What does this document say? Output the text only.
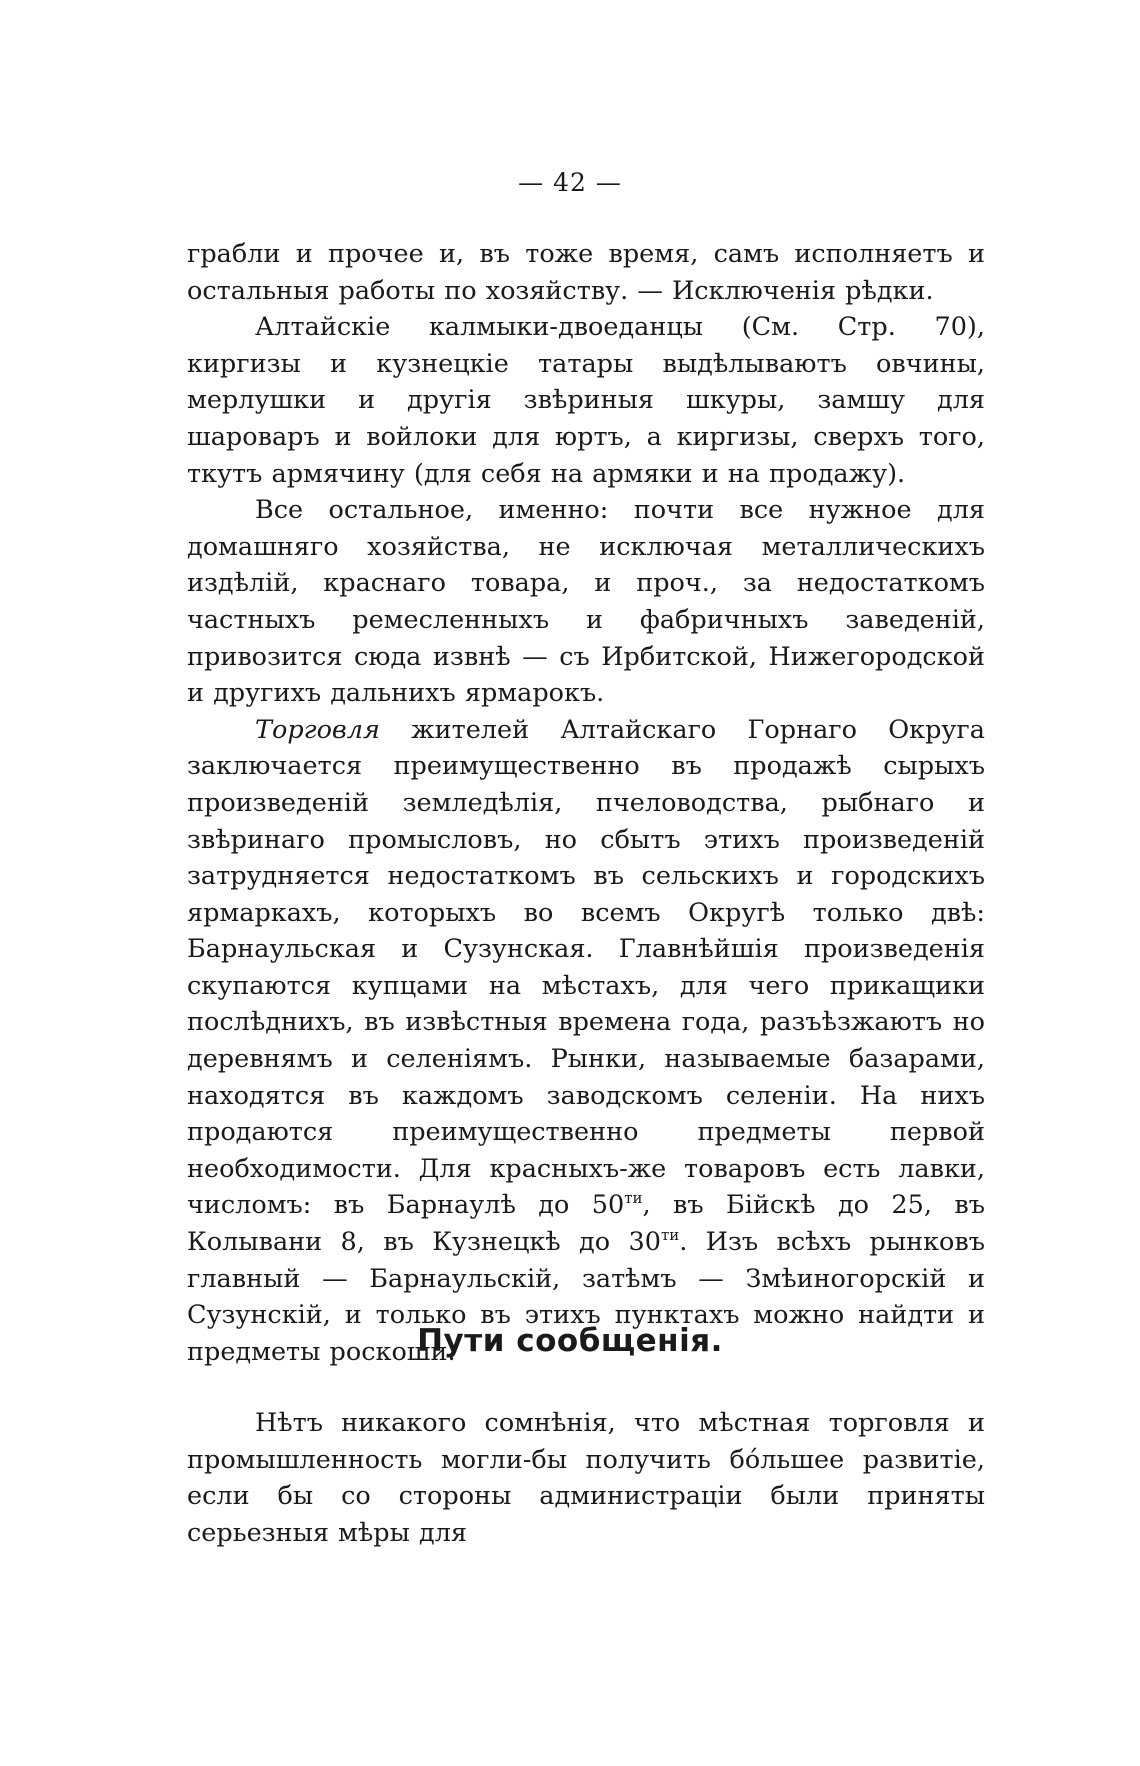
— 42 —

грабли и прочее и, въ тоже время, самъ исполняетъ и остальныя работы по хозяйству. — Исключенія рѣдки.

Алтайскіе калмыки-двоеданцы (См. Стр. 70), киргизы и кузнецкіе татары выдѣлываютъ овчины, мерлушки и другія звѣриныя шкуры, замшу для шароваръ и войлоки для юртъ, а киргизы, сверхъ того, ткутъ армячину (для себя на армяки и на продажу).

Все остальное, именно: почти все нужное для домашняго хозяйства, не исключая металлическихъ издѣлій, краснаго товара, и проч., за недостаткомъ частныхъ ремесленныхъ и фабричныхъ заведеній, привозится сюда извнѣ — съ Ирбитской, Нижегородской и другихъ дальнихъ ярмарокъ.

Торговля жителей Алтайскаго Горнаго Округа заключается преимущественно въ продажѣ сырыхъ произведеній земледѣлія, пчеловодства, рыбнаго и звѣринаго промысловъ, но сбытъ этихъ произведеній затрудняется недостаткомъ въ сельскихъ и городскихъ ярмаркахъ, которыхъ во всемъ Округѣ только двѣ: Барнаульская и Сузунская. Главнѣйшія произведенія скупаются купцами на мѣстахъ, для чего прикащики послѣднихъ, въ извѣстныя времена года, разъѣзжаютъ но деревнямъ и селеніямъ. Рынки, называемые базарами, находятся въ каждомъ заводскомъ селеніи. На нихъ продаются преимущественно предметы первой необходимости. Для красныхъ-же товаровъ есть лавки, числомъ: въ Барнаулѣ до $50^{ти}$, въ Бійскѣ до 25, въ Колывани 8, въ Кузнецкѣ до $30^{ти}$. Изъ всѣхъ рынковъ главный — Барнаульскій, затѣмъ — Змѣиногорскій и Сузунскій, и только въ этихъ пунктахъ можно найдти и предметы роскоши.

Пути сообщенія.

Нѣтъ никакого сомнѣнія, что мѣстная торговля и промышленность могли-бы получить бо́льшее развитіе, если бы со стороны администраціи были приняты серьезныя мѣры для
